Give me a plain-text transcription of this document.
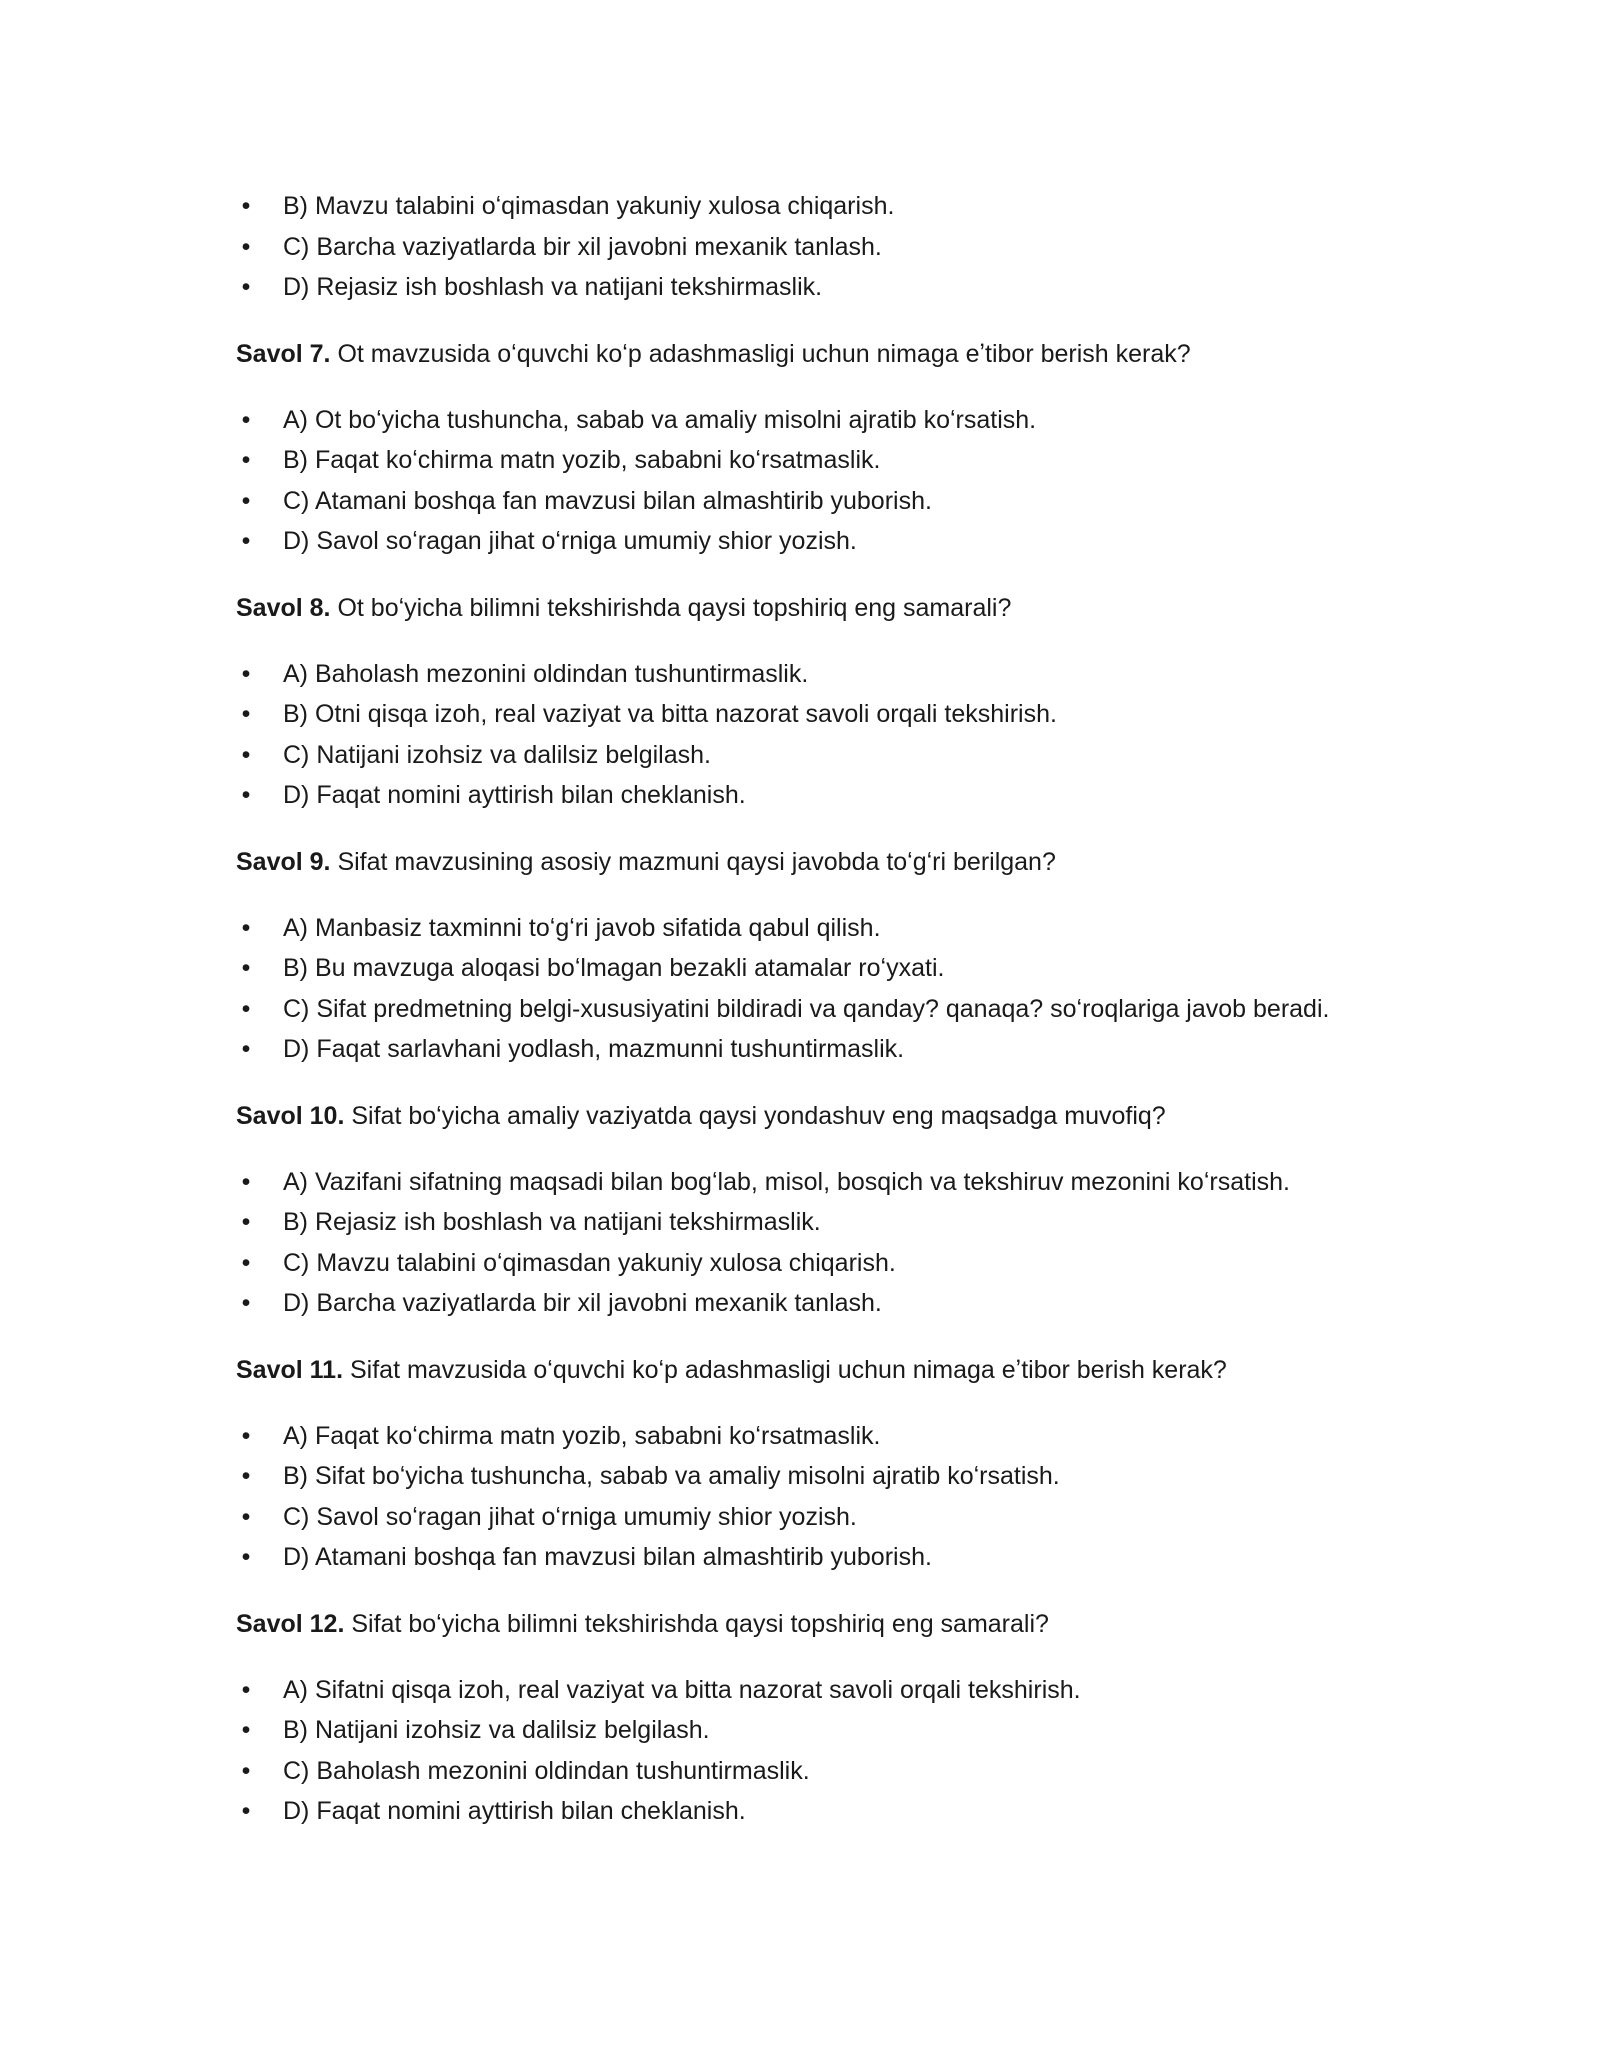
• B) Mavzu talabini oʻqimasdan yakuniy xulosa chiqarish.
• C) Barcha vaziyatlarda bir xil javobni mexanik tanlash.
• D) Rejasiz ish boshlash va natijani tekshirmaslik.

Savol 7. Ot mavzusida oʻquvchi koʻp adashmasligi uchun nimaga eʼtibor berish kerak?

• A) Ot boʻyicha tushuncha, sabab va amaliy misolni ajratib koʻrsatish.
• B) Faqat koʻchirma matn yozib, sababni koʻrsatmaslik.
• C) Atamani boshqa fan mavzusi bilan almashtirib yuborish.
• D) Savol soʻragan jihat oʻrniga umumiy shior yozish.

Savol 8. Ot boʻyicha bilimni tekshirishda qaysi topshiriq eng samarali?

• A) Baholash mezonini oldindan tushuntirmaslik.
• B) Otni qisqa izoh, real vaziyat va bitta nazorat savoli orqali tekshirish.
• C) Natijani izohsiz va dalilsiz belgilash.
• D) Faqat nomini ayttirish bilan cheklanish.

Savol 9. Sifat mavzusining asosiy mazmuni qaysi javobda toʻgʻri berilgan?

• A) Manbasiz taxminni toʻgʻri javob sifatida qabul qilish.
• B) Bu mavzuga aloqasi boʻlmagan bezakli atamalar roʻyxati.
• C) Sifat predmetning belgi-xususiyatini bildiradi va qanday? qanaqa? soʻroqlariga javob beradi.
• D) Faqat sarlavhani yodlash, mazmunni tushuntirmaslik.

Savol 10. Sifat boʻyicha amaliy vaziyatda qaysi yondashuv eng maqsadga muvofiq?

• A) Vazifani sifatning maqsadi bilan bogʻlab, misol, bosqich va tekshiruv mezonini koʻrsatish.
• B) Rejasiz ish boshlash va natijani tekshirmaslik.
• C) Mavzu talabini oʻqimasdan yakuniy xulosa chiqarish.
• D) Barcha vaziyatlarda bir xil javobni mexanik tanlash.

Savol 11. Sifat mavzusida oʻquvchi koʻp adashmasligi uchun nimaga eʼtibor berish kerak?

• A) Faqat koʻchirma matn yozib, sababni koʻrsatmaslik.
• B) Sifat boʻyicha tushuncha, sabab va amaliy misolni ajratib koʻrsatish.
• C) Savol soʻragan jihat oʻrniga umumiy shior yozish.
• D) Atamani boshqa fan mavzusi bilan almashtirib yuborish.

Savol 12. Sifat boʻyicha bilimni tekshirishda qaysi topshiriq eng samarali?

• A) Sifatni qisqa izoh, real vaziyat va bitta nazorat savoli orqali tekshirish.
• B) Natijani izohsiz va dalilsiz belgilash.
• C) Baholash mezonini oldindan tushuntirmaslik.
• D) Faqat nomini ayttirish bilan cheklanish.
